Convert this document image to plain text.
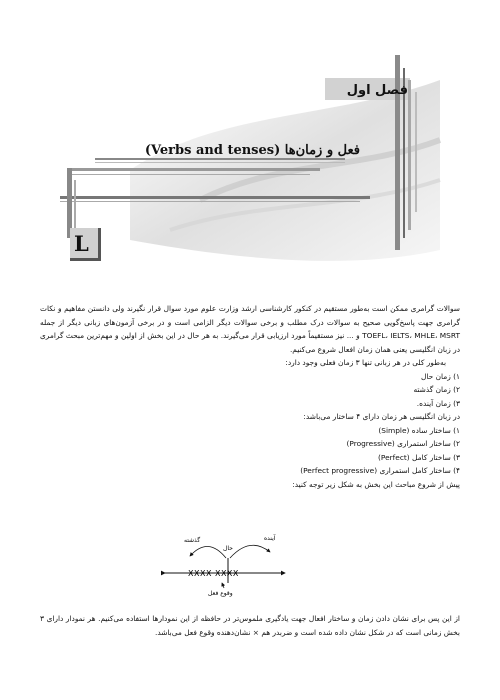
فصل اول
فعل و زمان‌ها (Verbs and tenses)
L

سوالات گرامری ممکن است به‌طور مستقیم در کنکور کارشناسی ارشد وزارت علوم مورد سوال قرار نگیرند ولی دانستن مفاهیم و نکات گرامری جهت پاسخ‌گویی صحیح به سوالات درک مطلب و برخی سوالات دیگر الزامی است و در برخی آزمون‌های زبانی دیگر از جمله TOEFL، IELTS، MHLE، MSRT و ... نیز مستقیماً مورد ارزیابی قرار می‌گیرند. به هر حال در این بخش از اولین و مهم‌ترین مبحث گرامری در زبان انگلیسی یعنی همان زمان افعال شروع می‌کنیم.

به‌طور کلی در هر زبانی تنها ۳ زمان فعلی وجود دارد:

۱) زمان حال
۲) زمان گذشته
۳) زمان آینده.

در زبان انگلیسی هر زمان دارای ۴ ساختار می‌باشد:

۱) ساختار ساده (Simple)
۲) ساختار استمراری (Progressive)
۳) ساختار کامل (Perfect)
۴) ساختار کامل استمراری (Perfect progressive)

پیش از شروع مباحث این بخش به شکل زیر توجه کنید:

گذشته
حال
آینده
وقوع فعل
XXXX XXXX
از این پس برای نشان دادن زمان و ساختار افعال جهت یادگیری ملموس‌تر در حافظه از این نمودارها استفاده می‌کنیم. هر نمودار دارای ۳ بخش زمانی است که در شکل نشان داده شده است و ضربدر هم × نشان‌دهنده وقوع فعل می‌باشد.
